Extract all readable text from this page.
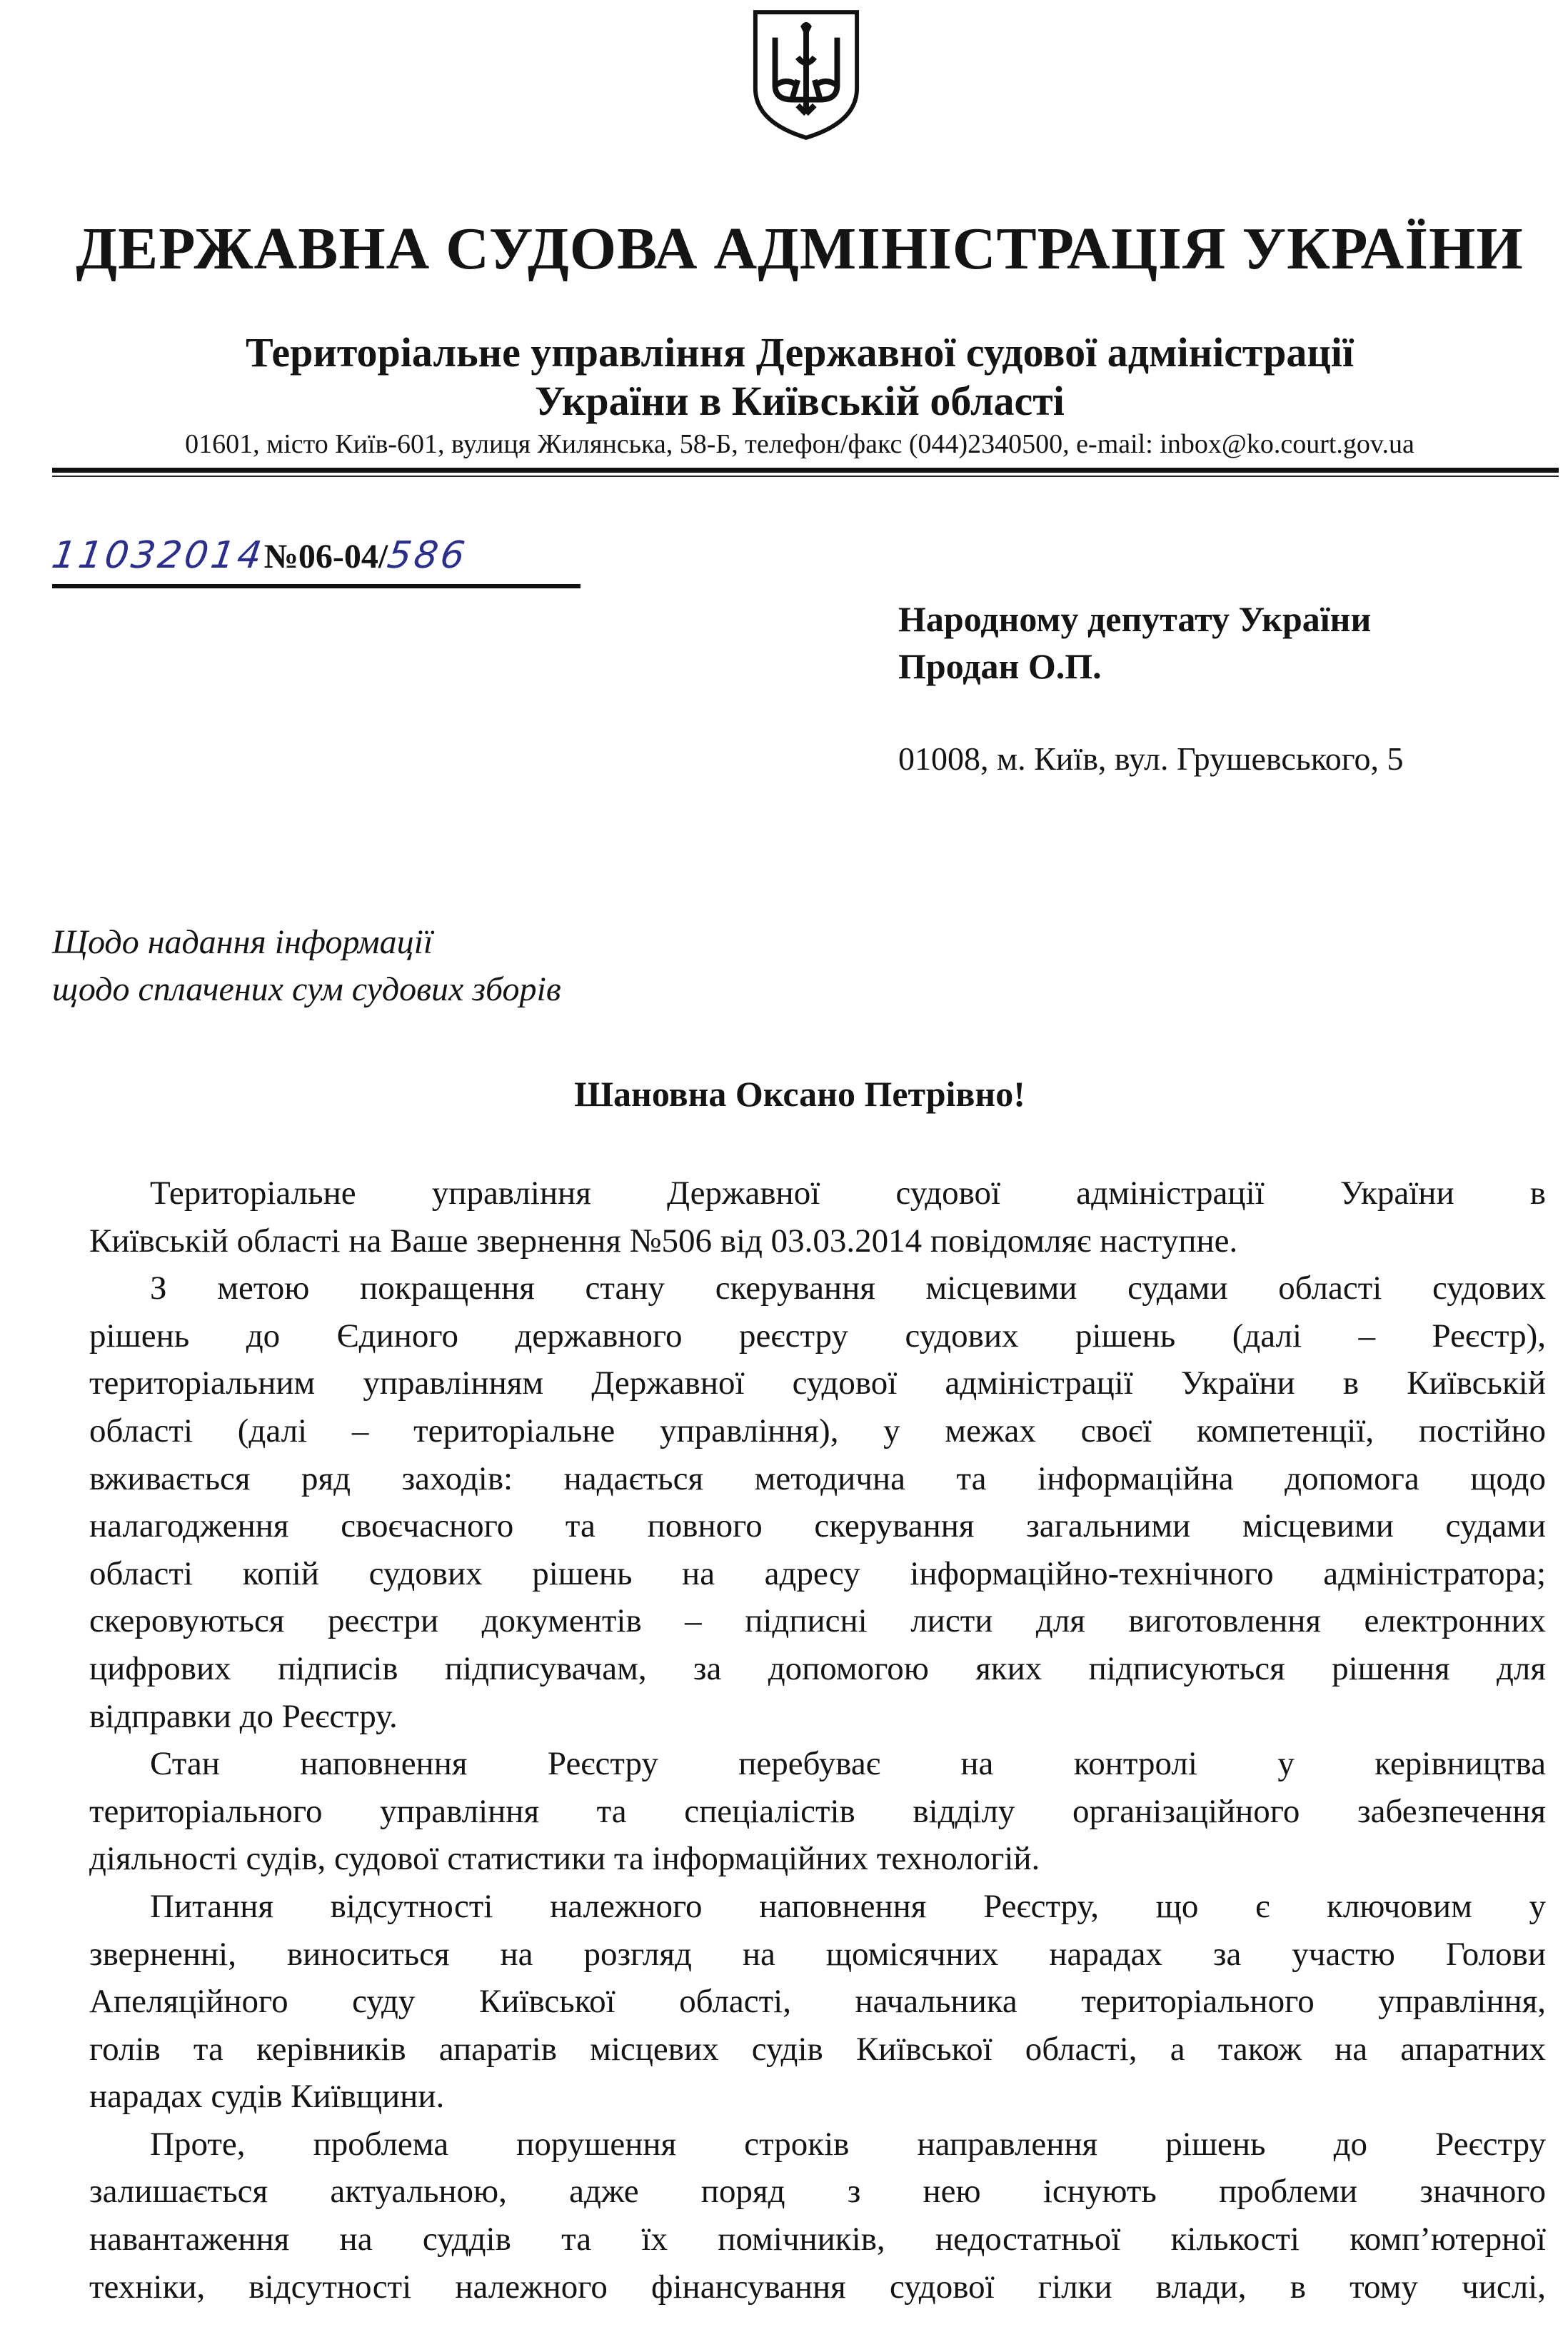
ДЕРЖАВНА СУДОВА АДМІНІСТРАЦІЯ УКРАЇНИ
Територіальне управління Державної судової адміністрації
України в Київській області
01601, місто Київ-601, вулиця Жилянська, 58-Б, телефон/факс (044)2340500, e-mail: inbox@ko.court.gov.ua
11032014№06-04/586
Народному депутату України
Продан О.П.
01008, м. Київ, вул. Грушевського, 5
Щодо надання інформації
щодо сплачених сум судових зборів
Шановна Оксано Петрівно!
Територіальне управління Державної судової адміністрації України в
Київській області на Ваше звернення №506 від 03.03.2014 повідомляє наступне.
З метою покращення стану скерування місцевими судами області судових
рішень до Єдиного державного реєстру судових рішень (далі – Реєстр),
територіальним управлінням Державної судової адміністрації України в Київській
області (далі – територіальне управління), у межах своєї компетенції, постійно
вживається ряд заходів: надається методична та інформаційна допомога щодо
налагодження своєчасного та повного скерування загальними місцевими судами
області копій судових рішень на адресу інформаційно-технічного адміністратора;
скеровуються реєстри документів – підписні листи для виготовлення електронних
цифрових підписів підписувачам, за допомогою яких підписуються рішення для
відправки до Реєстру.
Стан наповнення Реєстру перебуває на контролі у керівництва
територіального управління та спеціалістів відділу організаційного забезпечення
діяльності судів, судової статистики та інформаційних технологій.
Питання відсутності належного наповнення Реєстру, що є ключовим у
зверненні, виноситься на розгляд на щомісячних нарадах за участю Голови
Апеляційного суду Київської області, начальника територіального управління,
голів та керівників апаратів місцевих судів Київської області, а також на апаратних
нарадах судів Київщини.
Проте, проблема порушення строків направлення рішень до Реєстру
залишається актуальною, адже поряд з нею існують проблеми значного
навантаження на суддів та їх помічників, недостатньої кількості комп’ютерної
техніки, відсутності належного фінансування судової гілки влади, в тому числі,
